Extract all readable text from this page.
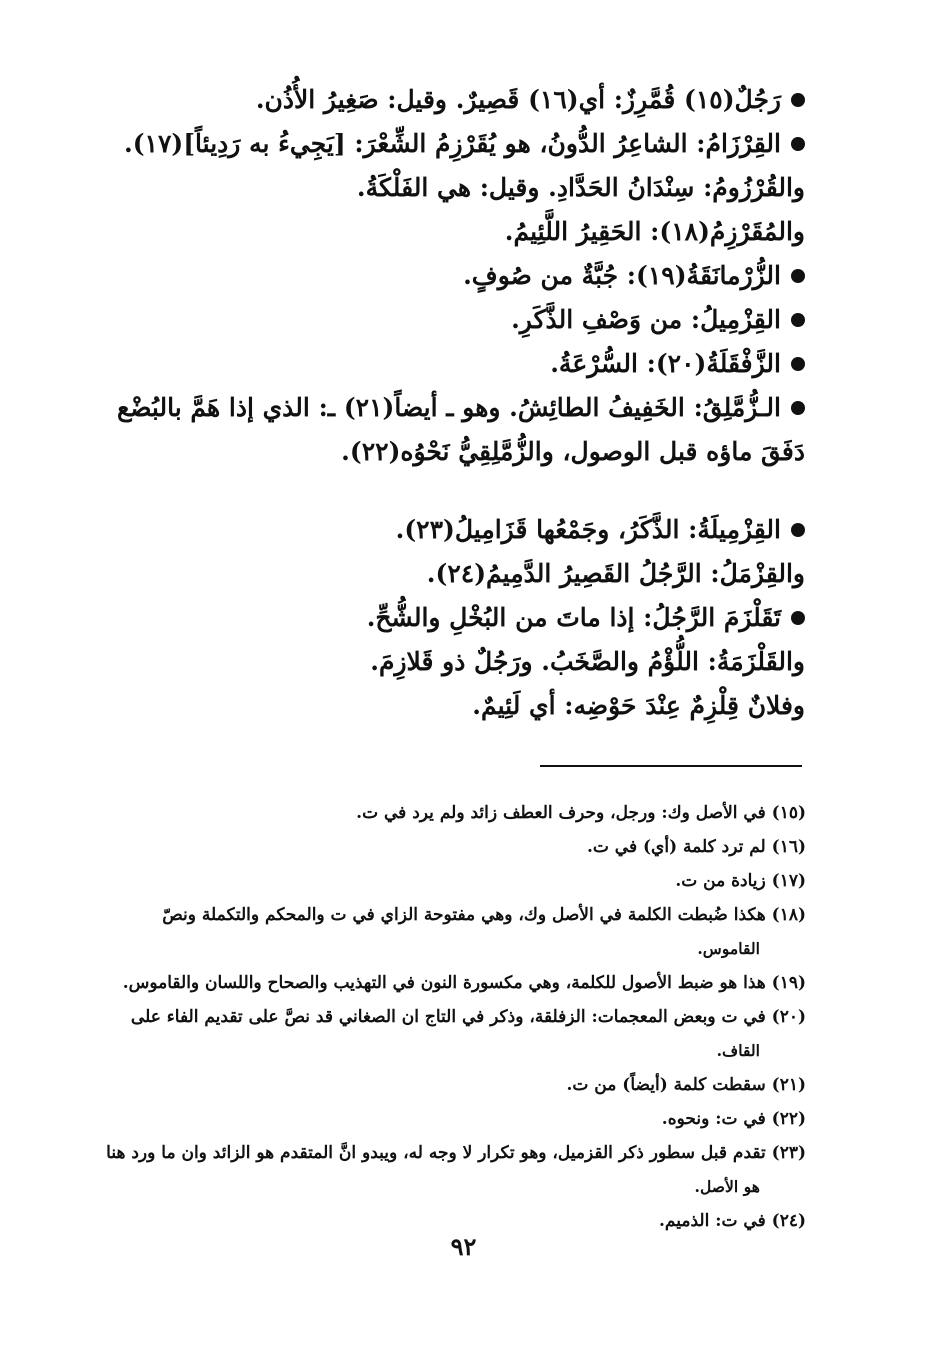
رَجُلٌ(١٥) قُمَّرِزٌ: أي(١٦) قَصِيرٌ. وقيل: صَغِيرُ الأُذُن.
القِرْزَامُ: الشاعِرُ الدُّونُ، هو يُقَرْزِمُ الشِّعْرَ: [يَجِيءُ به رَدِيئاً](١٧).
والقُرْزُومُ: سِنْدَانُ الحَدَّادِ. وقيل: هي الفَلْكَةُ.
والمُقَرْزِمُ(١٨): الحَقِيرُ اللَّئِيمُ.
الزُّرْمانَقَةُ(١٩): جُبَّةٌ من صُوفٍ.
القِزْمِيلُ: من وَصْفِ الذَّكَرِ.
الزَّفْقَلَةُ(٢٠): السُّرْعَةُ.
الـزُّمَّلِقُ: الخَفِيفُ الطائِشُ. وهو ـ أيضاً(٢١) ـ: الذي إذا هَمَّ بالبُضْع
دَفَقَ ماؤه قبل الوصول، والزُّمَّلِقِيُّ نَحْوُه(٢٢).
القِزْمِيلَةُ: الذَّكَرُ، وجَمْعُها قَزَامِيلُ(٢٣).
والقِزْمَلُ: الرَّجُلُ القَصِيرُ الدَّمِيمُ(٢٤).
تَقَلْزَمَ الرَّجُلُ: إذا ماتَ من البُخْلِ والشُّحِّ.
والقَلْزَمَةُ: اللُّؤْمُ والصَّخَبُ. ورَجُلٌ ذو قَلازِمَ.
وفلانٌ قِلْزِمٌ عِنْدَ حَوْضِه: أي لَئِيمٌ.
(١٥) في الأصل وك: ورجل، وحرف العطف زائد ولم يرد في ت.
(١٦) لم ترد كلمة (أي) في ت.
(١٧) زيادة من ت.
(١٨) هكذا ضُبطت الكلمة في الأصل وك، وهي مفتوحة الزاي في ت والمحكم والتكملة ونصّ
القاموس.
(١٩) هذا هو ضبط الأصول للكلمة، وهي مكسورة النون في التهذيب والصحاح واللسان والقاموس.
(٢٠) في ت وبعض المعجمات: الزفلقة، وذكر في التاج ان الصغاني قد نصَّ على تقديم الفاء على
القاف.
(٢١) سقطت كلمة (أيضاً) من ت.
(٢٢) في ت: ونحوه.
(٢٣) تقدم قبل سطور ذكر القزميل، وهو تكرار لا وجه له، ويبدو انَّ المتقدم هو الزائد وان ما ورد هنا
هو الأصل.
(٢٤) في ت: الذميم.
٩٢
